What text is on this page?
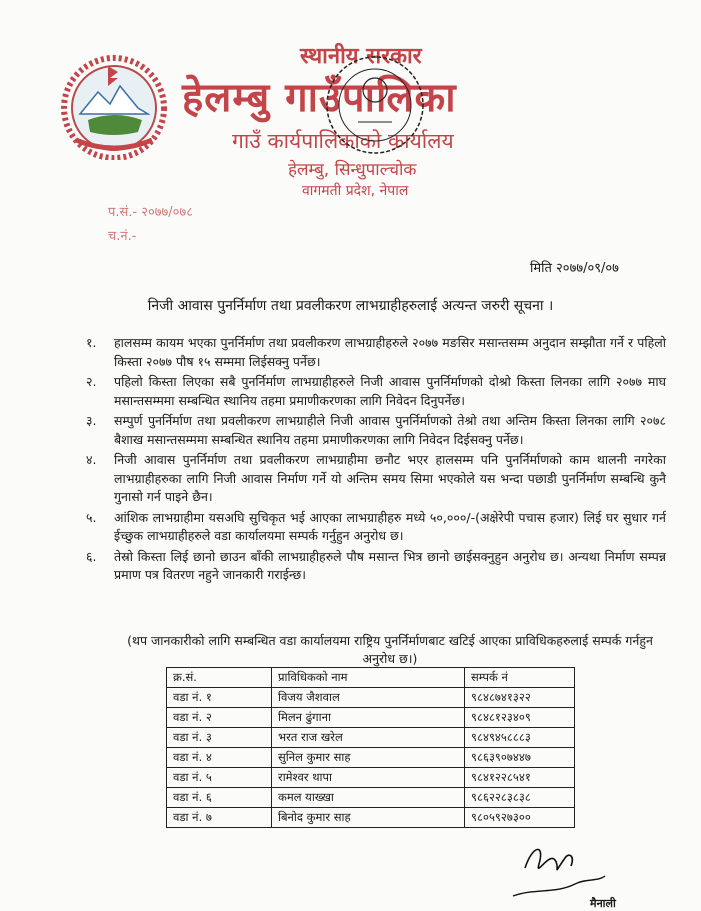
स्थानीय सरकार
हेलम्बु गाउँपालिका
गाउँ कार्यपालिकाको कार्यालय
हेलम्बु, सिन्धुपाल्चोक
वागमती प्रदेश, नेपाल
प.सं.- २०७७/०७८
च.नं.-
मिति २०७७/०९/०७
निजी आवास पुनर्निर्माण तथा प्रवलीकरण लाभग्राहीहरुलाई अत्यन्त जरुरी सूचना ।
१. हालसम्म कायम भएका पुनर्निर्माण तथा प्रवलीकरण लाभग्राहीहरुले २०७७ मङसिर मसान्तसम्म अनुदान सम्झौता गर्ने र पहिलो किस्ता २०७७ पौष १५ सम्ममा लिईसक्नु पर्नेछ।
२. पहिलो किस्ता लिएका सबै पुनर्निर्माण लाभग्राहीहरुले निजी आवास पुनर्निर्माणको दोश्रो किस्ता लिनका लागि २०७७ माघ मसान्तसम्ममा सम्बन्धित स्थानिय तहमा प्रमाणीकरणका लागि निवेदन दिनुपर्नेछ।
३. सम्पुर्ण पुनर्निर्माण तथा प्रवलीकरण लाभग्राहीले निजी आवास पुनर्निर्माणको तेश्रो तथा अन्तिम किस्ता लिनका लागि २०७८ बैशाख मसान्तसम्ममा सम्बन्धित स्थानिय तहमा प्रमाणीकरणका लागि निवेदन दिईसक्नु पर्नेछ।
४. निजी आवास पुनर्निर्माण तथा प्रवलीकरण लाभग्राहीमा छनौट भएर हालसम्म पनि पुनर्निर्माणको काम थालनी नगरेका लाभग्राहीहरुका लागि निजी आवास निर्माण गर्ने यो अन्तिम समय सिमा भएकोले यस भन्दा पछाडी पुनर्निर्माण सम्बन्धि कुनै गुनासो गर्न पाइने छैन।
५. आंशिक लाभग्राहीमा यसअघि सुचिकृत भई आएका लाभग्राहीहरु मध्ये ५०,०००/-(अक्षेरेपी पचास हजार) लिई घर सुधार गर्न ईच्छुक लाभग्राहीहरुले वडा कार्यालयमा सम्पर्क गर्नुहुन अनुरोध छ।
६. तेस्रो किस्ता लिई छानो छाउन बाँकी लाभग्राहीहरुले पौष मसान्त भित्र छानो छाईसक्नुहुन अनुरोध छ। अन्यथा निर्माण सम्पन्न प्रमाण पत्र वितरण नहुने जानकारी गराईन्छ।
(थप जानकारीको लागि सम्बन्धित वडा कार्यालयमा राष्ट्रिय पुनर्निर्माणबाट खटिई आएका प्राविधिकहरुलाई सम्पर्क गर्नहुन अनुरोध छ।)
क्र.सं.	प्राविधिकको नाम	सम्पर्क नं
वडा नं. १	विजय जैशवाल	९८४८७४१३२२
वडा नं. २	मिलन ढुंगाना	९८४८१२३४०९
वडा नं. ३	भरत राज खरेल	९८४९४५८८८३
वडा नं. ४	सुनिल कुमार साह	९८६३९०७४४७
वडा नं. ५	रामेश्वर थापा	९८४१२२८५४१
वडा नं. ६	कमल याख्खा	९८६२२८३८३८
वडा नं. ७	बिनोद कुमार साह	९८०५९२७३००
मैनाली
